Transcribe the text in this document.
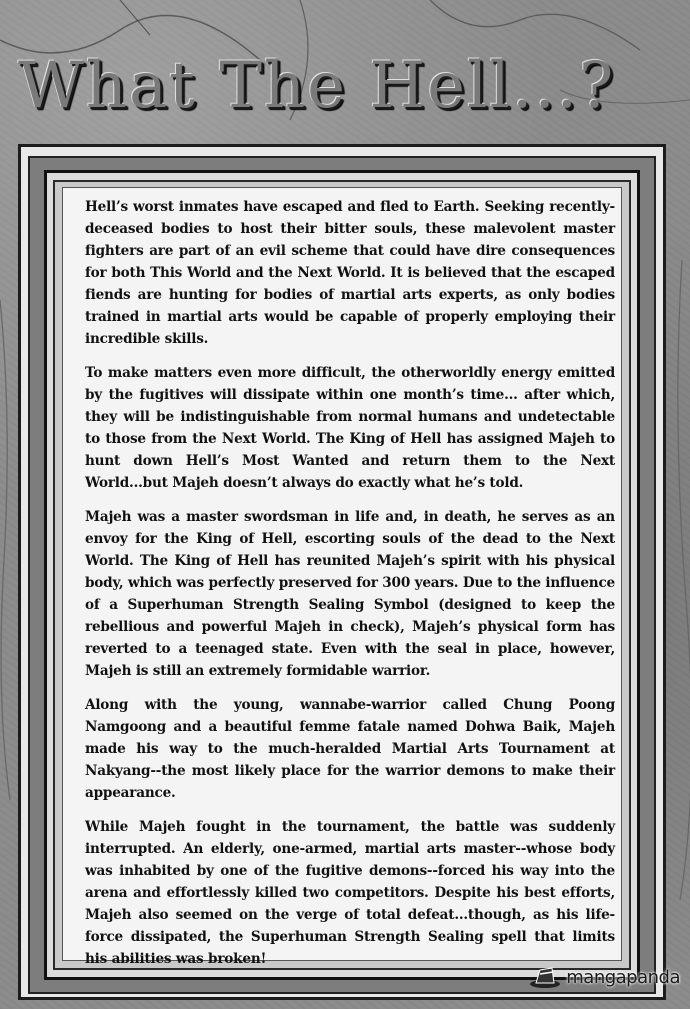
What The Hell...?

Hell’s worst inmates have escaped and fled to Earth. Seeking recently-deceased bodies to host their bitter souls, these malevolent master fighters are part of an evil scheme that could have dire consequences for both This World and the Next World. It is believed that the escaped fiends are hunting for bodies of martial arts experts, as only bodies trained in martial arts would be capable of properly employing their incredible skills.

To make matters even more difficult, the otherworldly energy emitted by the fugitives will dissipate within one month’s time... after which, they will be indistinguishable from normal humans and undetectable to those from the Next World. The King of Hell has assigned Majeh to hunt down Hell’s Most Wanted and return them to the Next World...but Majeh doesn’t always do exactly what he’s told.

Majeh was a master swordsman in life and, in death, he serves as an envoy for the King of Hell, escorting souls of the dead to the Next World. The King of Hell has reunited Majeh’s spirit with his physical body, which was perfectly preserved for 300 years. Due to the influence of a Superhuman Strength Sealing Symbol (designed to keep the rebellious and powerful Majeh in check), Majeh’s physical form has reverted to a teenaged state. Even with the seal in place, however, Majeh is still an extremely formidable warrior.

Along with the young, wannabe-warrior called Chung Poong Namgoong and a beautiful femme fatale named Dohwa Baik, Majeh made his way to the much-heralded Martial Arts Tournament at Nakyang--the most likely place for the warrior demons to make their appearance.

While Majeh fought in the tournament, the battle was suddenly interrupted. An elderly, one-armed, martial arts master--whose body was inhabited by one of the fugitive demons--forced his way into the arena and effortlessly killed two competitors. Despite his best efforts, Majeh also seemed on the verge of total defeat...though, as his life-force dissipated, the Superhuman Strength Sealing spell that limits his abilities was broken!

mangapanda
